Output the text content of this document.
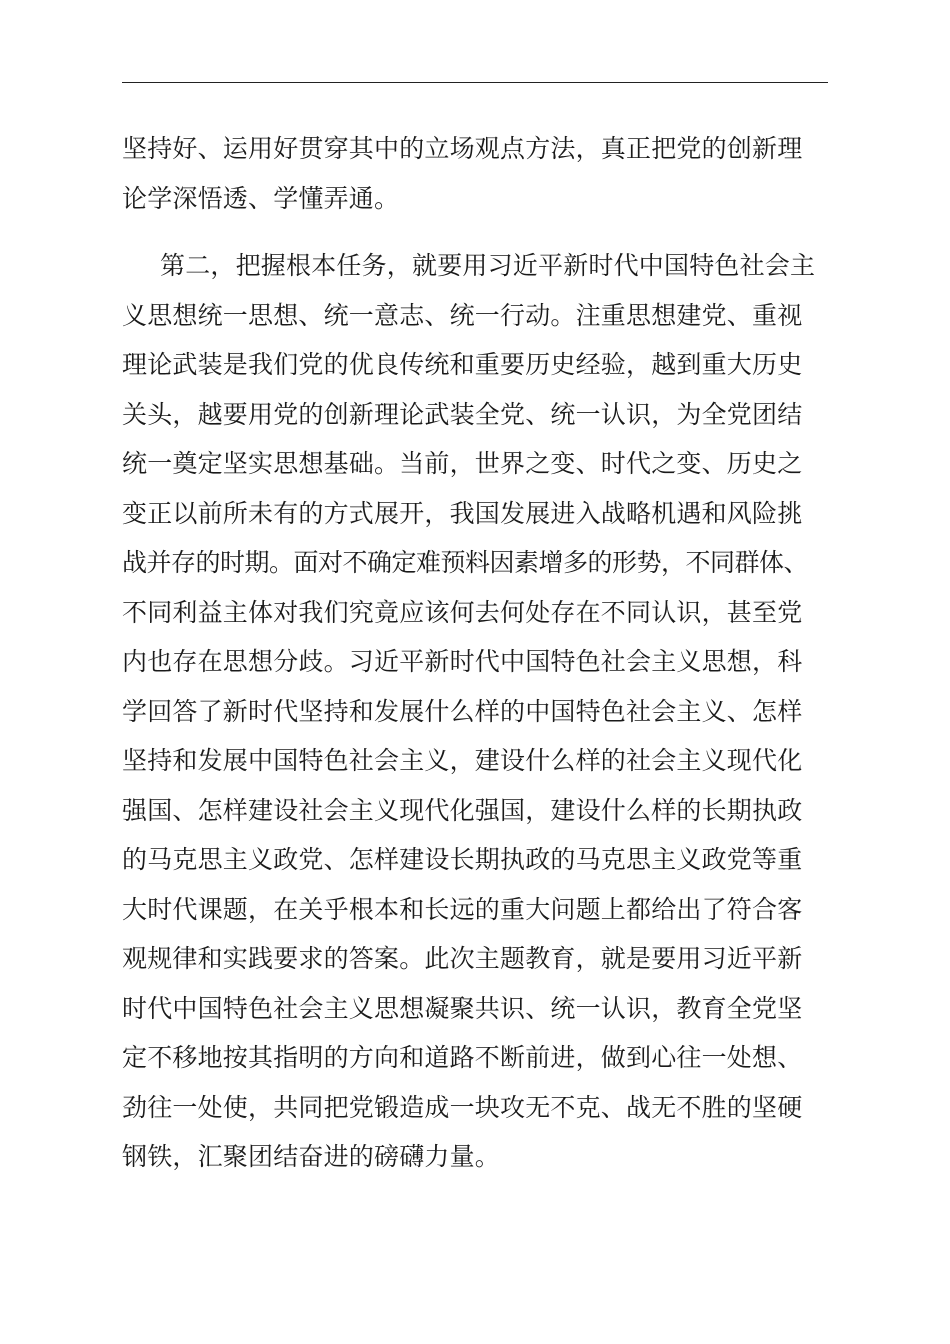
坚持好、运用好贯穿其中的立场观点方法，真正把党的创新理
论学深悟透、学懂弄通。
第二，把握根本任务，就要用习近平新时代中国特色社会主
义思想统一思想、统一意志、统一行动。注重思想建党、重视
理论武装是我们党的优良传统和重要历史经验，越到重大历史
关头，越要用党的创新理论武装全党、统一认识，为全党团结
统一奠定坚实思想基础。当前，世界之变、时代之变、历史之
变正以前所未有的方式展开，我国发展进入战略机遇和风险挑
战并存的时期。面对不确定难预料因素增多的形势，不同群体、
不同利益主体对我们究竟应该何去何处存在不同认识，甚至党
内也存在思想分歧。习近平新时代中国特色社会主义思想，科
学回答了新时代坚持和发展什么样的中国特色社会主义、怎样
坚持和发展中国特色社会主义，建设什么样的社会主义现代化
强国、怎样建设社会主义现代化强国，建设什么样的长期执政
的马克思主义政党、怎样建设长期执政的马克思主义政党等重
大时代课题，在关乎根本和长远的重大问题上都给出了符合客
观规律和实践要求的答案。此次主题教育，就是要用习近平新
时代中国特色社会主义思想凝聚共识、统一认识，教育全党坚
定不移地按其指明的方向和道路不断前进，做到心往一处想、
劲往一处使，共同把党锻造成一块攻无不克、战无不胜的坚硬
钢铁，汇聚团结奋进的磅礴力量。
